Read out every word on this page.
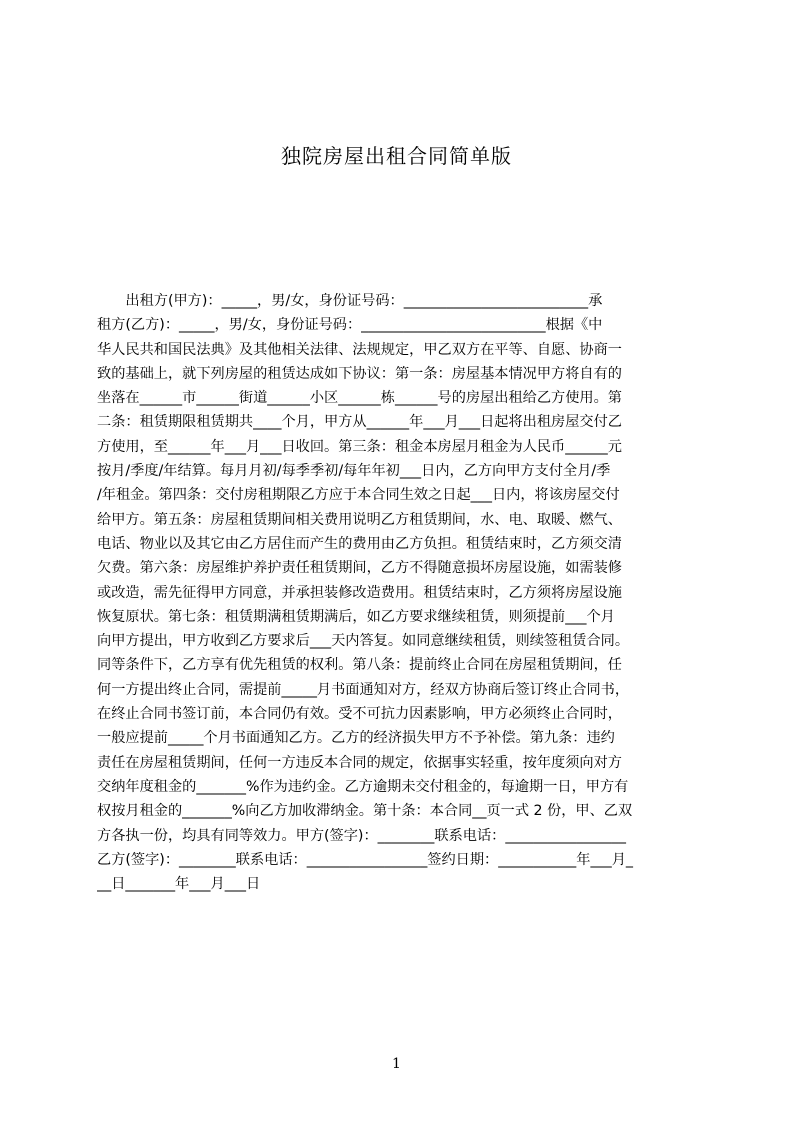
独院房屋出租合同简单版
　　出租方(甲方)：_____，男/女，身份证号码：__________________________承
租方(乙方)：_____，男/女，身份证号码：__________________________根据《中
华人民共和国民法典》及其他相关法律、法规规定，甲乙双方在平等、自愿、协商一
致的基础上，就下列房屋的租赁达成如下协议：第一条：房屋基本情况甲方将自有的
坐落在______市______街道______小区______栋______号的房屋出租给乙方使用。第
二条：租赁期限租赁期共____个月，甲方从______年___月___日起将出租房屋交付乙
方使用，至______年___月___日收回。第三条：租金本房屋月租金为人民币______元
按月/季度/年结算。每月月初/每季季初/每年年初___日内，乙方向甲方支付全月/季
/年租金。第四条：交付房租期限乙方应于本合同生效之日起___日内，将该房屋交付
给甲方。第五条：房屋租赁期间相关费用说明乙方租赁期间，水、电、取暖、燃气、
电话、物业以及其它由乙方居住而产生的费用由乙方负担。租赁结束时，乙方须交清
欠费。第六条：房屋维护养护责任租赁期间，乙方不得随意损坏房屋设施，如需装修
或改造，需先征得甲方同意，并承担装修改造费用。租赁结束时，乙方须将房屋设施
恢复原状。第七条：租赁期满租赁期满后，如乙方要求继续租赁，则须提前___个月
向甲方提出，甲方收到乙方要求后___天内答复。如同意继续租赁，则续签租赁合同。
同等条件下，乙方享有优先租赁的权利。第八条：提前终止合同在房屋租赁期间，任
何一方提出终止合同，需提前_____月书面通知对方，经双方协商后签订终止合同书，
在终止合同书签订前，本合同仍有效。受不可抗力因素影响，甲方必须终止合同时，
一般应提前_____个月书面通知乙方。乙方的经济损失甲方不予补偿。第九条：违约
责任在房屋租赁期间，任何一方违反本合同的规定，依据事实轻重，按年度须向对方
交纳年度租金的_______%作为违约金。乙方逾期未交付租金的，每逾期一日，甲方有
权按月租金的_______%向乙方加收滞纳金。第十条：本合同__页一式 2 份，甲、乙双
方各执一份，均具有同等效力。甲方(签字)：________联系电话：_________________
乙方(签字)：________联系电话：_________________签约日期：___________年___月_
__日_______年___月___日
1
